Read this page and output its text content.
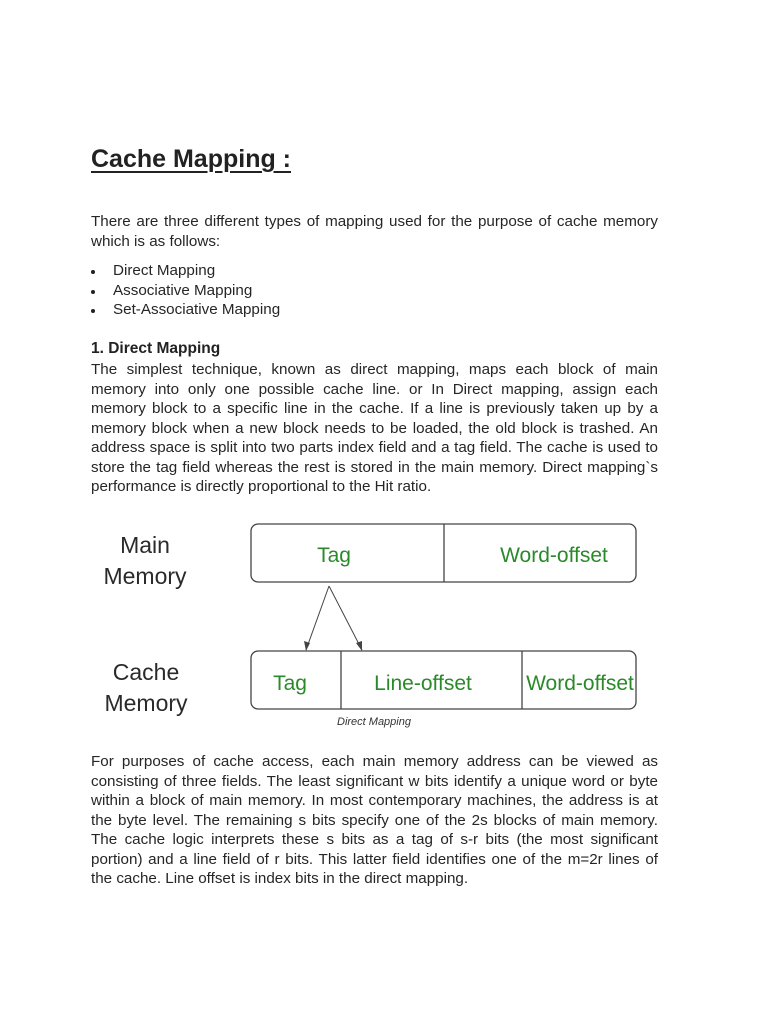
Cache Mapping :

There are three different types of mapping used for the purpose of cache memory which is as follows:

Direct Mapping
Associative Mapping
Set-Associative Mapping
1. Direct Mapping

The simplest technique, known as direct mapping, maps each block of main memory into only one possible cache line. or In Direct mapping, assign each memory block to a specific line in the cache. If a line is previously taken up by a memory block when a new block needs to be loaded, the old block is trashed. An address space is split into two parts index field and a tag field. The cache is used to store the tag field whereas the rest is stored in the main memory. Direct mapping`s performance is directly proportional to the Hit ratio.

Main
Memory
Tag	Word-offset
Cache
Memory
Tag	Line-offset	Word-offset
Direct Mapping

For purposes of cache access, each main memory address can be viewed as consisting of three fields. The least significant w bits identify a unique word or byte within a block of main memory. In most contemporary machines, the address is at the byte level. The remaining s bits specify one of the 2s blocks of main memory. The cache logic interprets these s bits as a tag of s-r bits (the most significant portion) and a line field of r bits. This latter field identifies one of the m=2r lines of the cache. Line offset is index bits in the direct mapping.
